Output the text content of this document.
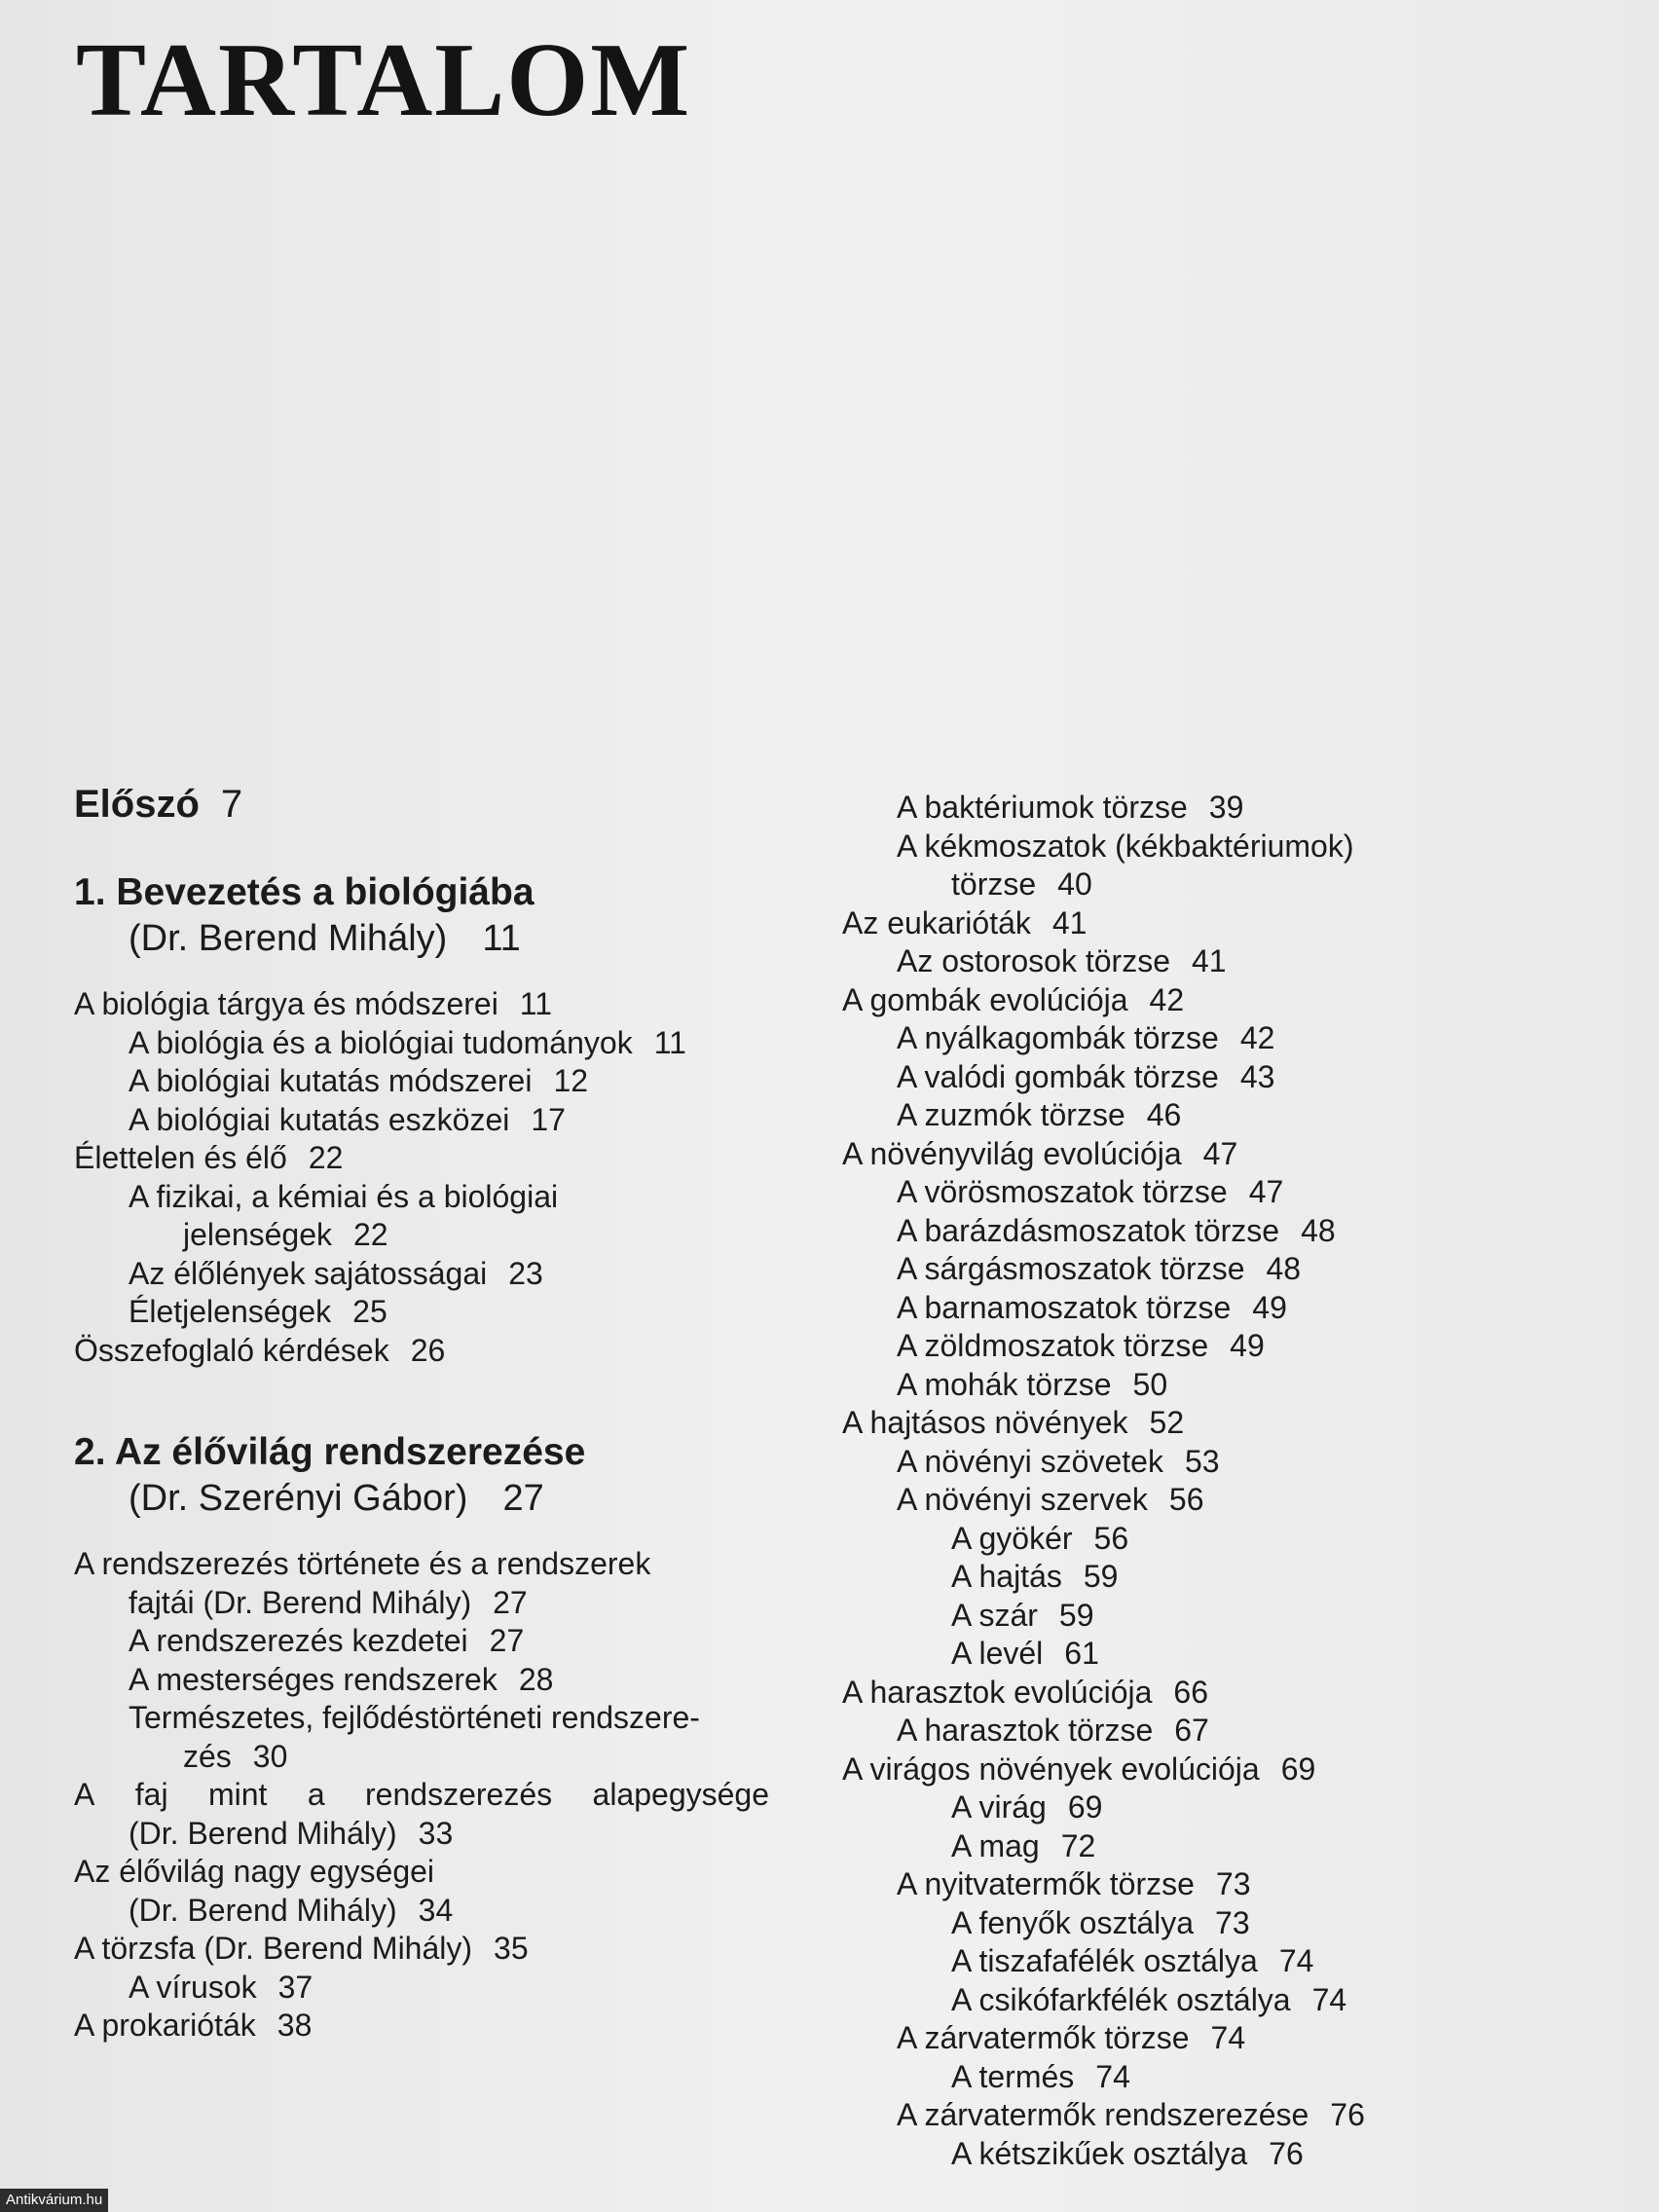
TARTALOM
Előszó 7
1. Bevezetés a biológiába
(Dr. Berend Mihály) 11
A biológia tárgya és módszerei 11
A biológia és a biológiai tudományok 11
A biológiai kutatás módszerei 12
A biológiai kutatás eszközei 17
Élettelen és élő 22
A fizikai, a kémiai és a biológiai
jelenségek 22
Az élőlények sajátosságai 23
Életjelenségek 25
Összefoglaló kérdések 26
2. Az élővilág rendszerezése
(Dr. Szerényi Gábor) 27
A rendszerezés története és a rendszerek
fajtái (Dr. Berend Mihály) 27
A rendszerezés kezdetei 27
A mesterséges rendszerek 28
Természetes, fejlődéstörténeti rendszere-
zés 30
A faj mint a rendszerezés alapegysége
(Dr. Berend Mihály) 33
Az élővilág nagy egységei
(Dr. Berend Mihály) 34
A törzsfa (Dr. Berend Mihály) 35
A vírusok 37
A prokarióták 38
A baktériumok törzse 39
A kékmoszatok (kékbaktériumok)
törzse 40
Az eukarióták 41
Az ostorosok törzse 41
A gombák evolúciója 42
A nyálkagombák törzse 42
A valódi gombák törzse 43
A zuzmók törzse 46
A növényvilág evolúciója 47
A vörösmoszatok törzse 47
A barázdásmoszatok törzse 48
A sárgásmoszatok törzse 48
A barnamoszatok törzse 49
A zöldmoszatok törzse 49
A mohák törzse 50
A hajtásos növények 52
A növényi szövetek 53
A növényi szervek 56
A gyökér 56
A hajtás 59
A szár 59
A levél 61
A harasztok evolúciója 66
A harasztok törzse 67
A virágos növények evolúciója 69
A virág 69
A mag 72
A nyitvatermők törzse 73
A fenyők osztálya 73
A tiszafafélék osztálya 74
A csikófarkfélék osztálya 74
A zárvatermők törzse 74
A termés 74
A zárvatermők rendszerezése 76
A kétszikűek osztálya 76
Antikvárium.hu
